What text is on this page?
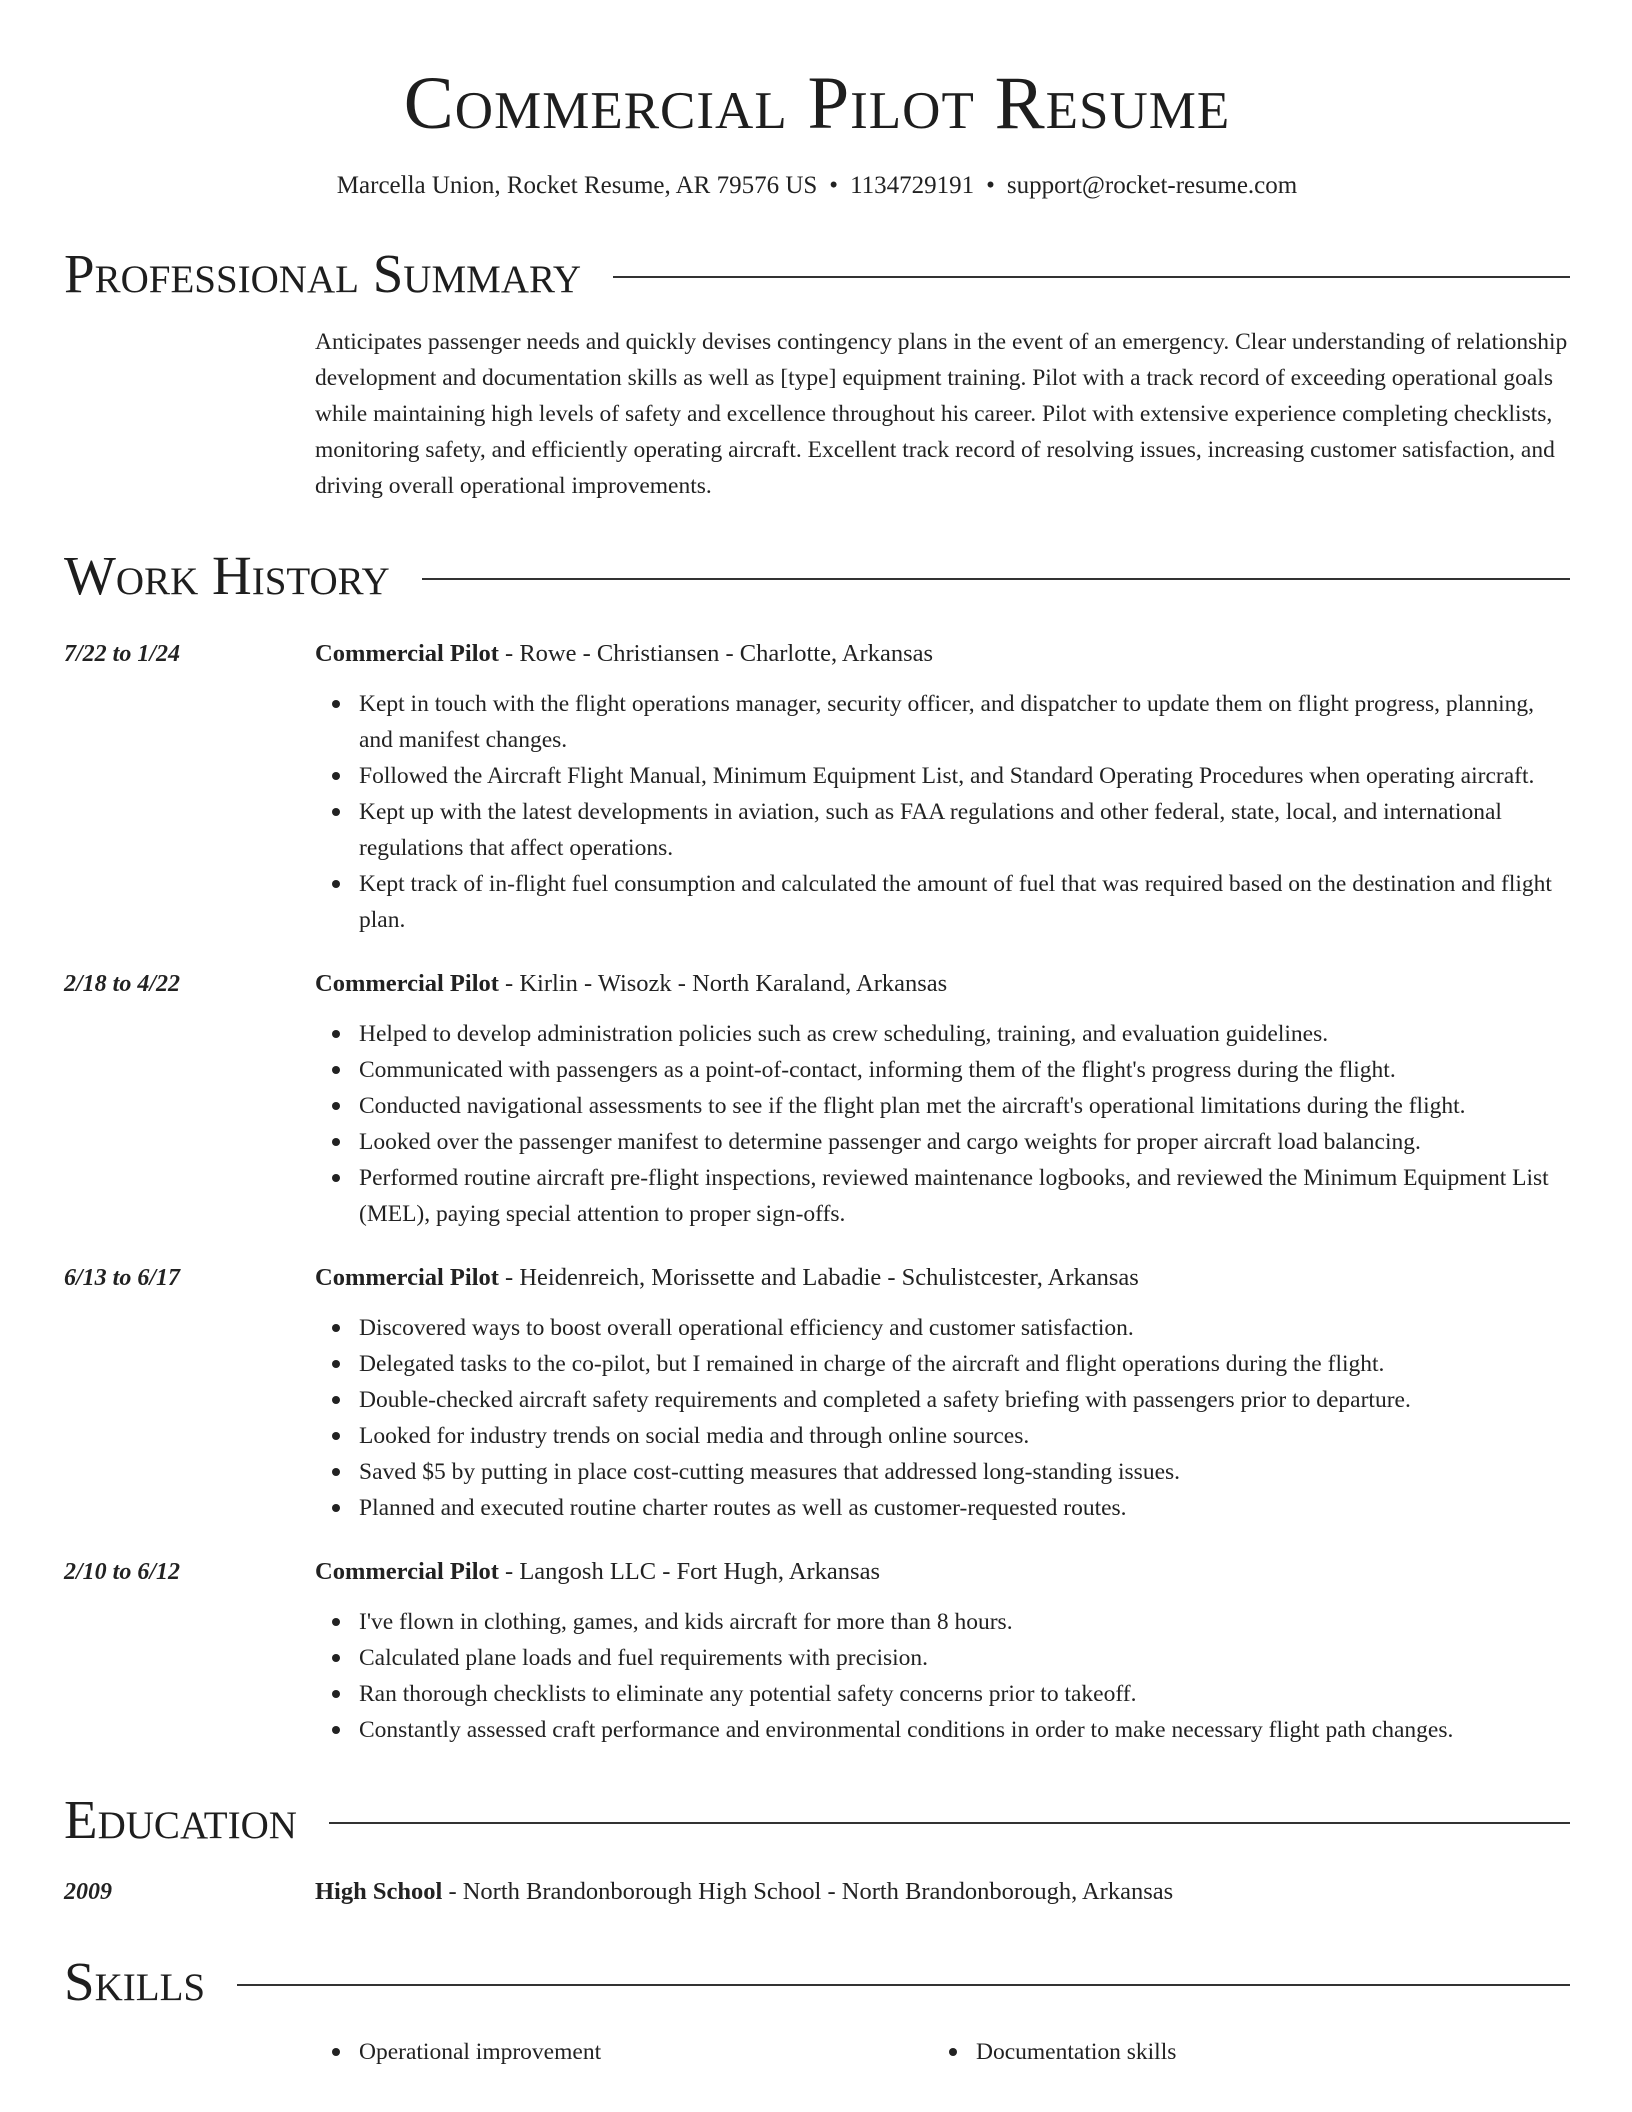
Commercial Pilot Resume
Marcella Union, Rocket Resume, AR 79576 US • 1134729191 • support@rocket-resume.com
Professional Summary
Anticipates passenger needs and quickly devises contingency plans in the event of an emergency. Clear understanding of relationship development and documentation skills as well as [type] equipment training. Pilot with a track record of exceeding operational goals while maintaining high levels of safety and excellence throughout his career. Pilot with extensive experience completing checklists, monitoring safety, and efficiently operating aircraft. Excellent track record of resolving issues, increasing customer satisfaction, and driving overall operational improvements.
Work History
7/22 to 1/24	Commercial Pilot - Rowe - Christiansen - Charlotte, Arkansas
Kept in touch with the flight operations manager, security officer, and dispatcher to update them on flight progress, planning, and manifest changes.
Followed the Aircraft Flight Manual, Minimum Equipment List, and Standard Operating Procedures when operating aircraft.
Kept up with the latest developments in aviation, such as FAA regulations and other federal, state, local, and international regulations that affect operations.
Kept track of in-flight fuel consumption and calculated the amount of fuel that was required based on the destination and flight plan.
2/18 to 4/22	Commercial Pilot - Kirlin - Wisozk - North Karaland, Arkansas
Helped to develop administration policies such as crew scheduling, training, and evaluation guidelines.
Communicated with passengers as a point-of-contact, informing them of the flight's progress during the flight.
Conducted navigational assessments to see if the flight plan met the aircraft's operational limitations during the flight.
Looked over the passenger manifest to determine passenger and cargo weights for proper aircraft load balancing.
Performed routine aircraft pre-flight inspections, reviewed maintenance logbooks, and reviewed the Minimum Equipment List (MEL), paying special attention to proper sign-offs.
6/13 to 6/17	Commercial Pilot - Heidenreich, Morissette and Labadie - Schulistcester, Arkansas
Discovered ways to boost overall operational efficiency and customer satisfaction.
Delegated tasks to the co-pilot, but I remained in charge of the aircraft and flight operations during the flight.
Double-checked aircraft safety requirements and completed a safety briefing with passengers prior to departure.
Looked for industry trends on social media and through online sources.
Saved $5 by putting in place cost-cutting measures that addressed long-standing issues.
Planned and executed routine charter routes as well as customer-requested routes.
2/10 to 6/12	Commercial Pilot - Langosh LLC - Fort Hugh, Arkansas
I've flown in clothing, games, and kids aircraft for more than 8 hours.
Calculated plane loads and fuel requirements with precision.
Ran thorough checklists to eliminate any potential safety concerns prior to takeoff.
Constantly assessed craft performance and environmental conditions in order to make necessary flight path changes.
Education
2009	High School - North Brandonborough High School - North Brandonborough, Arkansas
Skills
Operational improvement	Documentation skills
